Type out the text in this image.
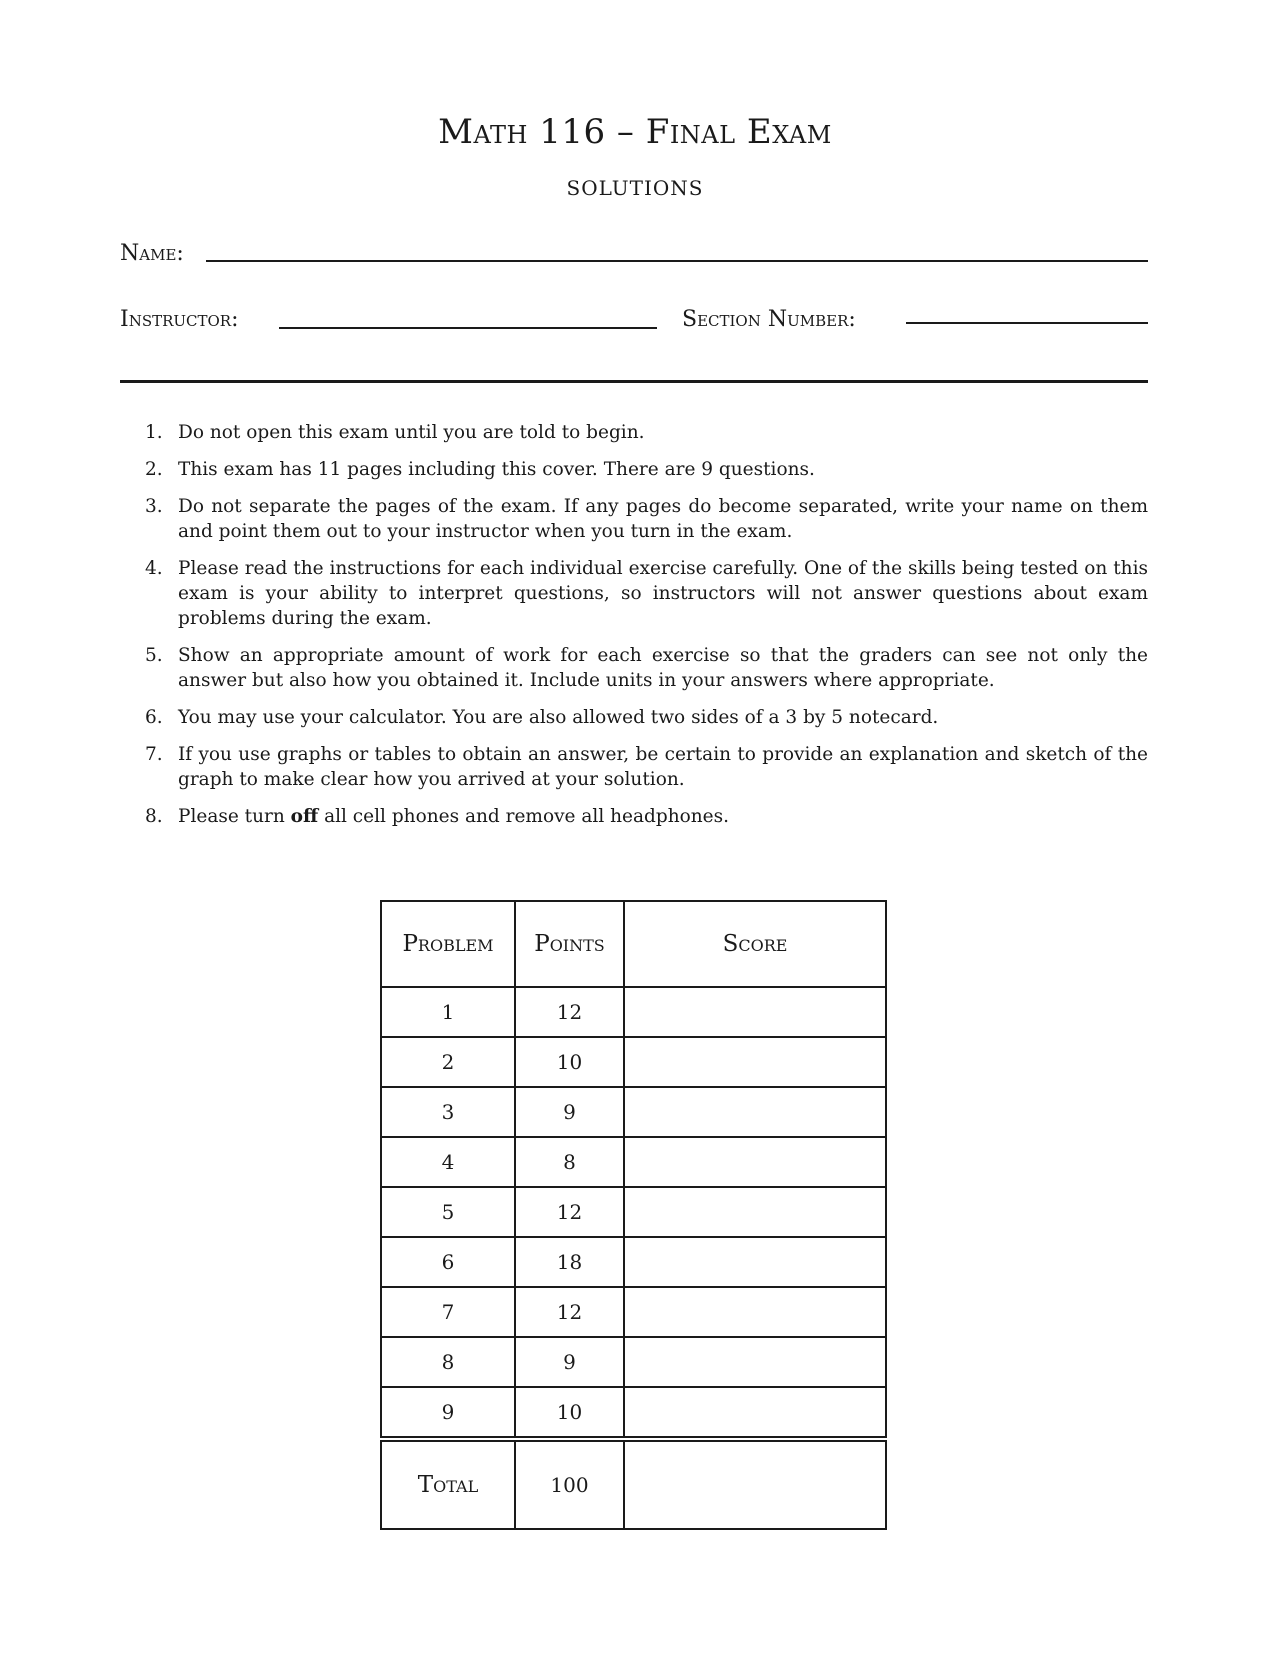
Math 116 – Final Exam
solutions
Name:
Instructor:	Section Number:
1. Do not open this exam until you are told to begin.
2. This exam has 11 pages including this cover. There are 9 questions.
3. Do not separate the pages of the exam. If any pages do become separated, write your name on them and point them out to your instructor when you turn in the exam.
4. Please read the instructions for each individual exercise carefully. One of the skills being tested on this exam is your ability to interpret questions, so instructors will not answer questions about exam problems during the exam.
5. Show an appropriate amount of work for each exercise so that the graders can see not only the answer but also how you obtained it. Include units in your answers where appropriate.
6. You may use your calculator. You are also allowed two sides of a 3 by 5 notecard.
7. If you use graphs or tables to obtain an answer, be certain to provide an explanation and sketch of the graph to make clear how you arrived at your solution.
8. Please turn off all cell phones and remove all headphones.
Problem	Points	Score
1	12	
2	10	
3	9	
4	8	
5	12	
6	18	
7	12	
8	9	
9	10	
Total	100	
